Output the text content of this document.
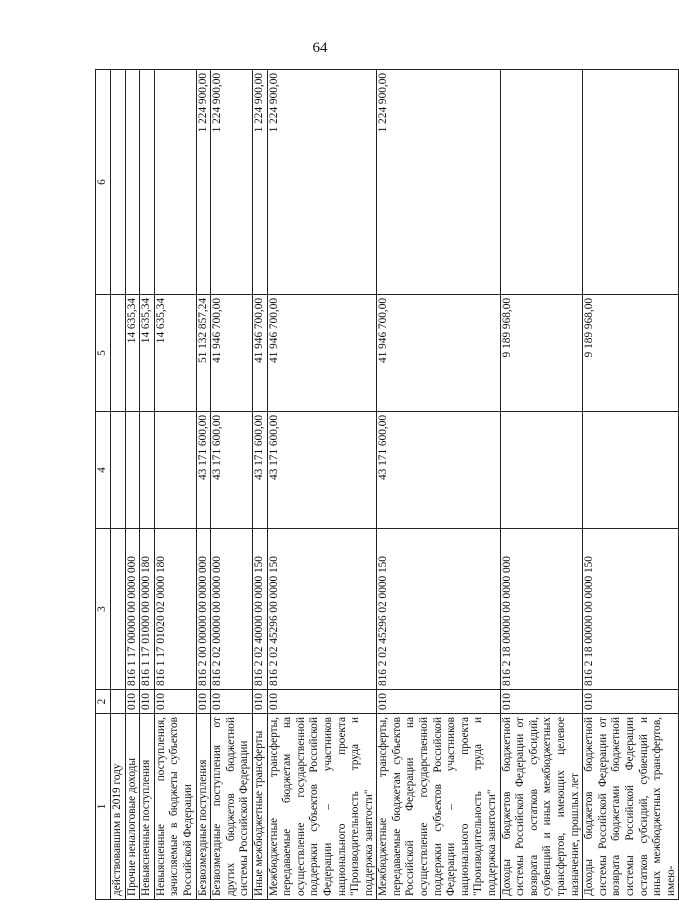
64
1	2	3	4	5	6
действовавшим в 2019 году					
Прочие неналоговые доходы	010	816 1 17 00000 00 0000 000		14 635,34	
Невыясненные поступления	010	816 1 17 01000 00 0000 180		14 635,34	
Невыясненные поступления, зачисляемые в бюджеты субъектов Российской Федерации	010	816 1 17 01020 02 0000 180		14 635,34	
Безвозмездные поступления	010	816 2 00 00000 00 0000 000	43 171 600,00	51 132 857,24	1 224 900,00
Безвозмездные поступления от других бюджетов бюджетной системы Российской Федерации	010	816 2 02 00000 00 0000 000	43 171 600,00	41 946 700,00	1 224 900,00
Иные межбюджетные трансферты	010	816 2 02 40000 00 0000 150	43 171 600,00	41 946 700,00	1 224 900,00
Межбюджетные трансферты, передаваемые бюджетам на осуществление государственной поддержки субъектов Российской Федерации – участников национального проекта "Производительность труда и поддержка занятости"	010	816 2 02 45296 00 0000 150	43 171 600,00	41 946 700,00	1 224 900,00
Межбюджетные трансферты, передаваемые бюджетам субъектов Российской Федерации на осуществление государственной поддержки субъектов Российской Федерации – участников национального проекта "Производительность труда и поддержка занятости"	010	816 2 02 45296 02 0000 150	43 171 600,00	41 946 700,00	1 224 900,00
Доходы бюджетов бюджетной системы Российской Федерации от возврата остатков субсидий, субвенций и иных межбюджетных трансфертов, имеющих целевое назначение, прошлых лет	010	816 2 18 00000 00 0000 000		9 189 968,00	
Доходы бюджетов бюджетной системы Российской Федерации от возврата бюджетами бюджетной системы Российской Федерации остатков субсидий, субвенций и иных межбюджетных трансфертов, имею-	010	816 2 18 00000 00 0000 150		9 189 968,00	
